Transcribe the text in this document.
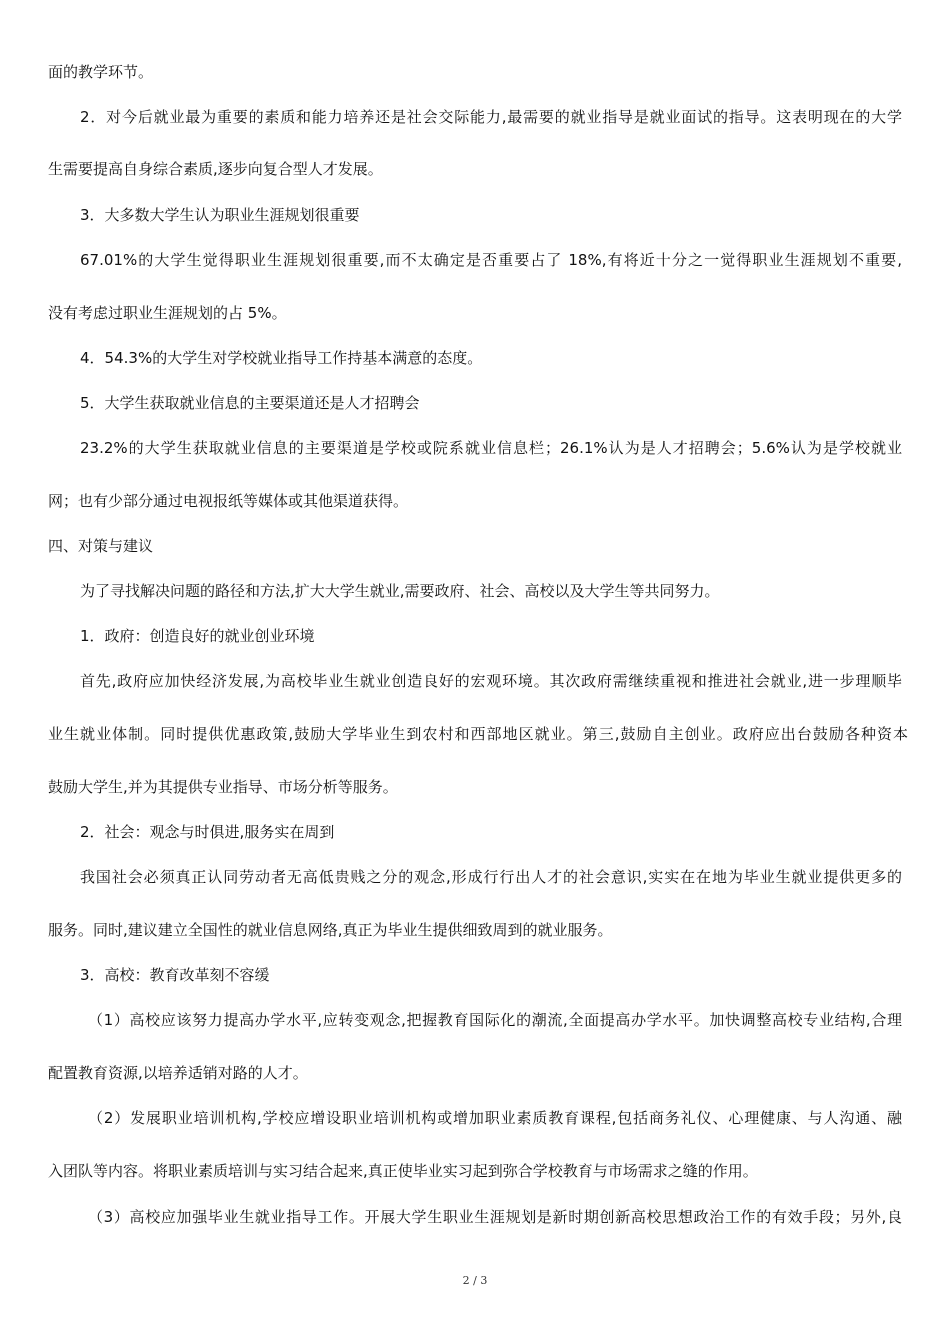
面的教学环节。
2．对今后就业最为重要的素质和能力培养还是社会交际能力,最需要的就业指导是就业面试的指导。这表明现在的大学
生需要提高自身综合素质,逐步向复合型人才发展。
3．大多数大学生认为职业生涯规划很重要
67.01%的大学生觉得职业生涯规划很重要,而不太确定是否重要占了 18%,有将近十分之一觉得职业生涯规划不重要,
没有考虑过职业生涯规划的占 5%。
4．54.3%的大学生对学校就业指导工作持基本满意的态度。
5．大学生获取就业信息的主要渠道还是人才招聘会
23.2%的大学生获取就业信息的主要渠道是学校或院系就业信息栏；26.1%认为是人才招聘会；5.6%认为是学校就业
网；也有少部分通过电视报纸等媒体或其他渠道获得。
四、对策与建议
为了寻找解决问题的路径和方法,扩大大学生就业,需要政府、社会、高校以及大学生等共同努力。
1．政府：创造良好的就业创业环境
首先,政府应加快经济发展,为高校毕业生就业创造良好的宏观环境。其次政府需继续重视和推进社会就业,进一步理顺毕
业生就业体制。同时提供优惠政策,鼓励大学毕业生到农村和西部地区就业。第三,鼓励自主创业。政府应出台鼓励各种资本
鼓励大学生,并为其提供专业指导、市场分析等服务。
2．社会：观念与时俱进,服务实在周到
我国社会必须真正认同劳动者无高低贵贱之分的观念,形成行行出人才的社会意识,实实在在地为毕业生就业提供更多的
服务。同时,建议建立全国性的就业信息网络,真正为毕业生提供细致周到的就业服务。
3．高校：教育改革刻不容缓
（1）高校应该努力提高办学水平,应转变观念,把握教育国际化的潮流,全面提高办学水平。加快调整高校专业结构,合理
配置教育资源,以培养适销对路的人才。
（2）发展职业培训机构,学校应增设职业培训机构或增加职业素质教育课程,包括商务礼仪、心理健康、与人沟通、融
入团队等内容。将职业素质培训与实习结合起来,真正使毕业实习起到弥合学校教育与市场需求之缝的作用。
（3）高校应加强毕业生就业指导工作。开展大学生职业生涯规划是新时期创新高校思想政治工作的有效手段；另外,良
2 / 3
